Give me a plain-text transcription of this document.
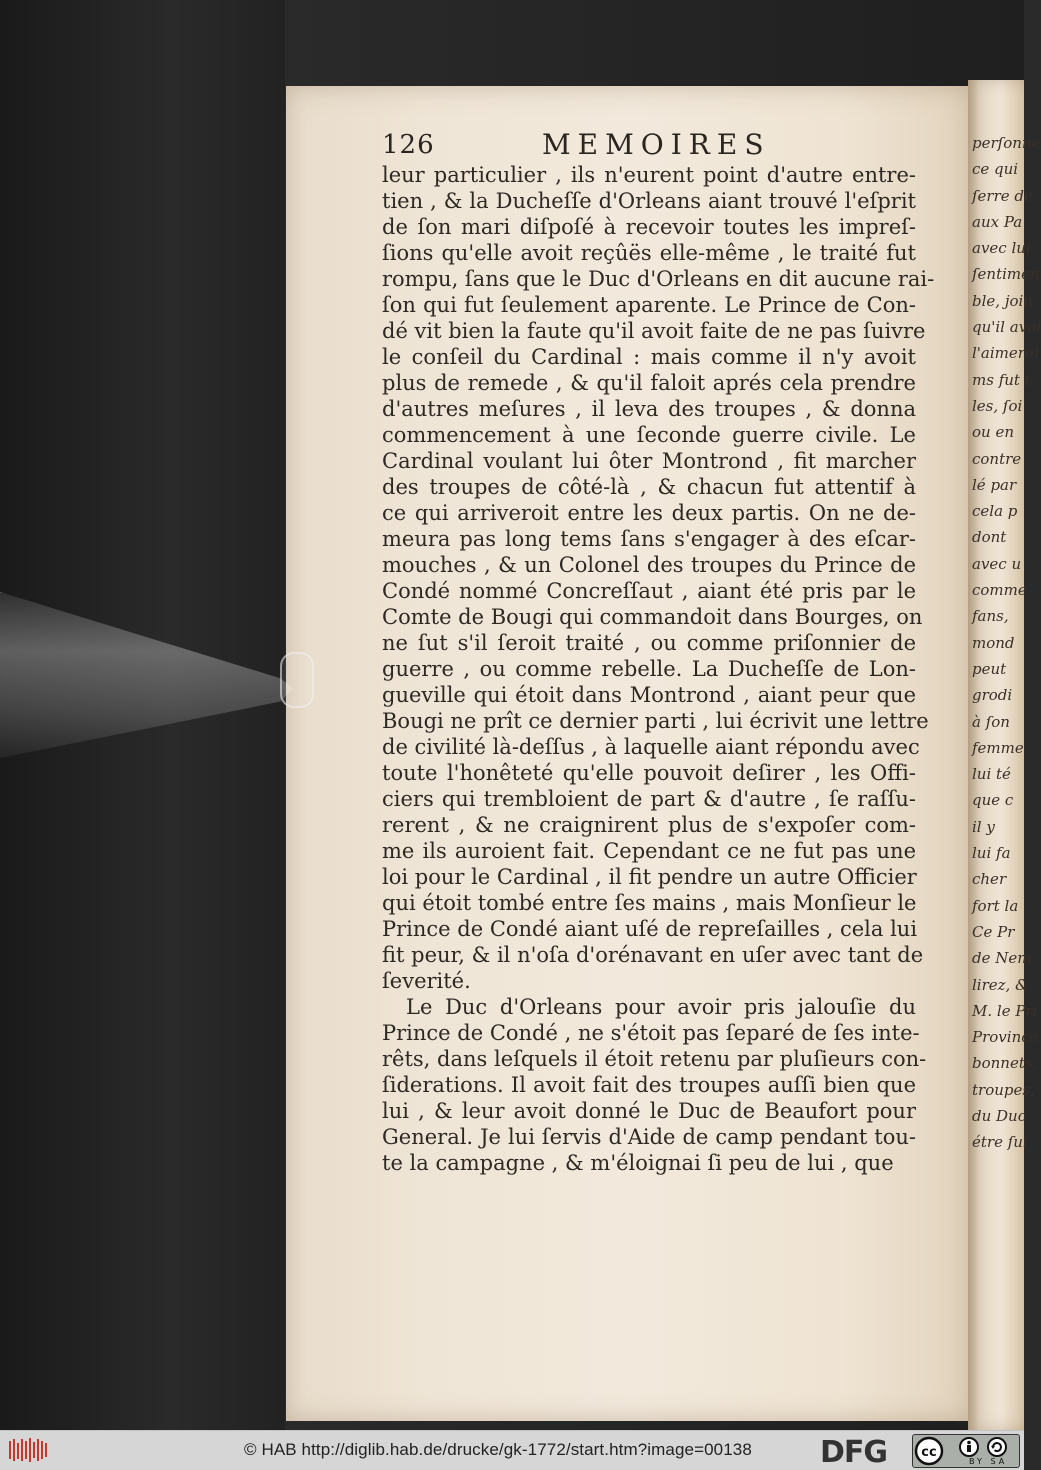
126	MEMOIRES
leur particulier , ils n'eurent point d'autre entre-
tien , & la Ducheſſe d'Orleans aiant trouvé l'eſprit
de ſon mari diſpoſé à recevoir toutes les impreſ-
ſions qu'elle avoit reçûës elle-même , le traité fut
rompu, ſans que le Duc d'Orleans en dit aucune rai-
ſon qui fut ſeulement aparente. Le Prince de Con-
dé vit bien la faute qu'il avoit faite de ne pas ſuivre
le conſeil du Cardinal : mais comme il n'y avoit
plus de remede , & qu'il faloit aprés cela prendre
d'autres meſures , il leva des troupes , & donna
commencement à une ſeconde guerre civile. Le
Cardinal voulant lui ôter Montrond , fit marcher
des troupes de côté-là , & chacun fut attentif à
ce qui arriveroit entre les deux partis. On ne de-
meura pas long tems ſans s'engager à des eſcar-
mouches , & un Colonel des troupes du Prince de
Condé nommé Concreſſaut , aiant été pris par le
Comte de Bougi qui commandoit dans Bourges, on
ne ſut s'il ſeroit traité , ou comme priſonnier de
guerre , ou comme rebelle. La Ducheſſe de Lon-
gueville qui étoit dans Montrond , aiant peur que
Bougi ne prît ce dernier parti , lui écrivit une lettre
de civilité là-deſſus , à laquelle aiant répondu avec
toute l'honêteté qu'elle pouvoit deſirer , les Offi-
ciers qui trembloient de part & d'autre , ſe raſſu-
rerent , & ne craignirent plus de s'expoſer com-
me ils auroient fait. Cependant ce ne fut pas une
loi pour le Cardinal , il fit pendre un autre Officier
qui étoit tombé entre ſes mains , mais Monſieur le
Prince de Condé aiant uſé de repreſailles , cela lui
fit peur, & il n'oſa d'orénavant en uſer avec tant de
ſeverité.
Le Duc d'Orleans pour avoir pris jalouſie du
Prince de Condé , ne s'étoit pas ſeparé de ſes inte-
rêts, dans leſquels il étoit retenu par pluſieurs con-
ſiderations. Il avoit fait des troupes auſſi bien que
lui , & leur avoit donné le Duc de Beaufort pour
General. Je lui ſervis d'Aide de camp pendant tou-
te la campagne , & m'éloignai ſi peu de lui , que
perſonne
ce qui
ſerre de
aux Pa
avec lui
ſentimen
ble, join
qu'il avoi
l'aimeroi
ms fut t
les, ſoi
ou en
contre
lé par
cela p
dont
avec u
comme
fans,
mond
peut
grodi
à ſon
femme
lui té
que c
il y
lui fa
cher
fort la
Ce Pr
de Nem
lirez, &
M. le Pri
Province
bonnets,
troupes,
du Duc
étre ſui
© HAB http://diglib.hab.de/drucke/gk-1772/start.htm?image=00138 DFG	cc
BY SA
